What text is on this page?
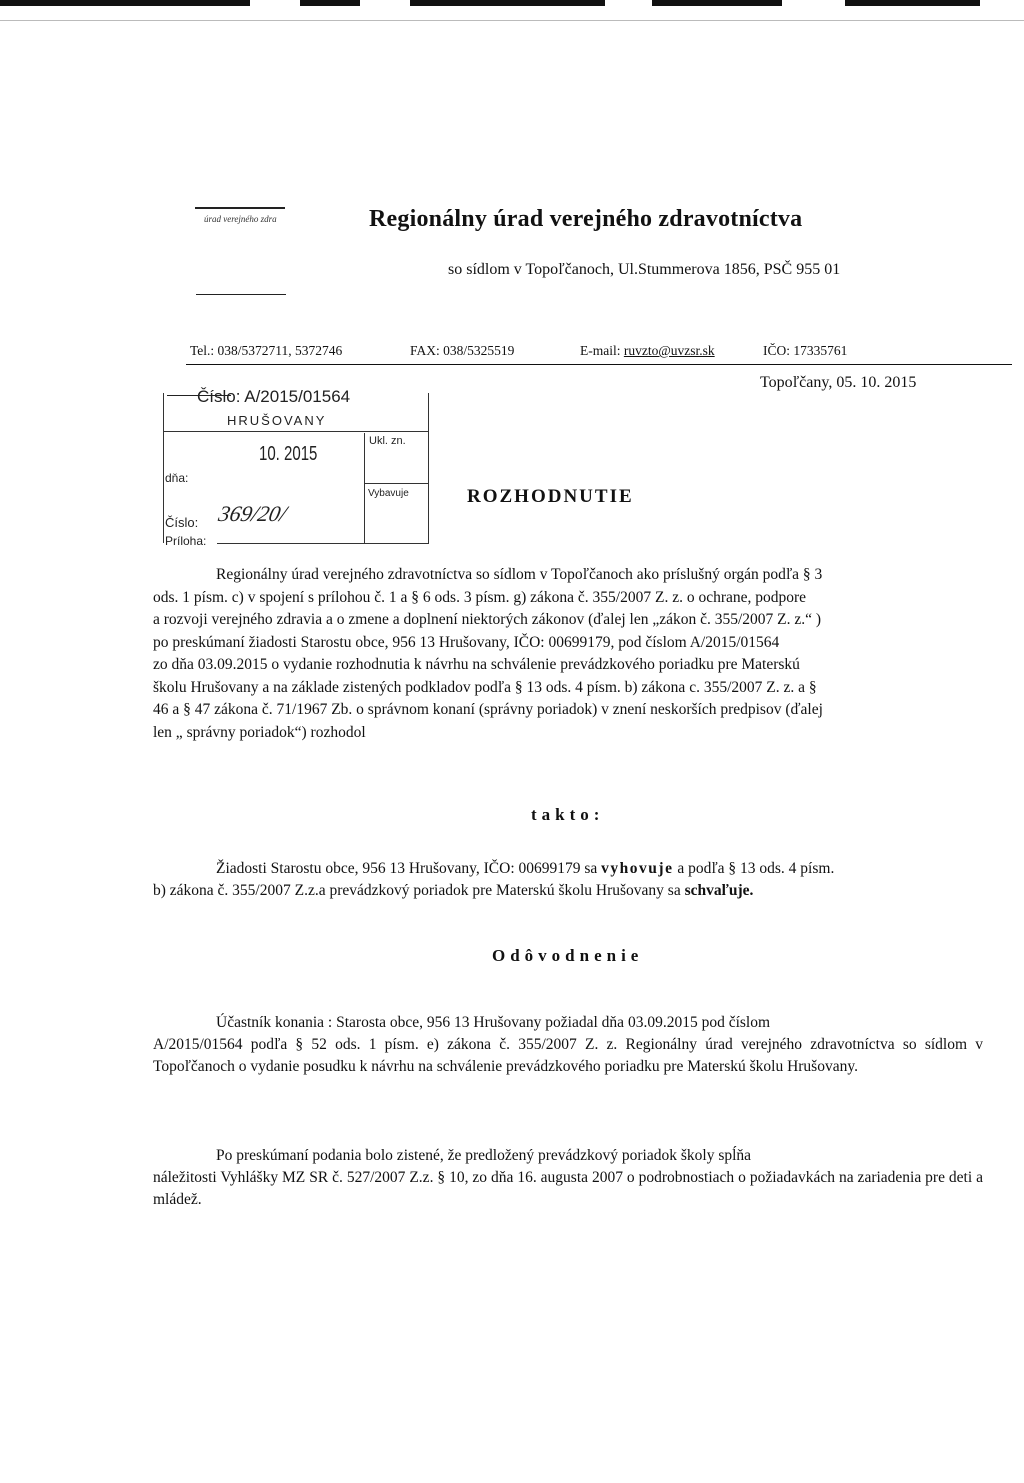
úrad verejného zdra	Regionálny úrad verejného zdravotníctva
so sídlom v Topoľčanoch, Ul.Stummerova 1856, PSČ 955 01
Tel.: 038/5372711, 5372746	FAX: 038/5325519	E-mail: ruvzto@uvzsr.sk	IČO: 17335761
Číslo: A/2015/01564
HRUŠOVANY
10. 2015
Ukl. zn.
dňa:
Vybavuje
Číslo: 369/20/
Príloha:
Topoľčany, 05. 10. 2015
ROZHODNUTIE
Regionálny úrad verejného zdravotníctva so sídlom v Topoľčanoch ako príslušný orgán podľa § 3
ods. 1 písm. c) v spojení s prílohou č. 1 a § 6 ods. 3 písm. g) zákona č. 355/2007 Z. z. o ochrane, podpore
a rozvoji verejného zdravia a o zmene a doplnení niektorých zákonov (ďalej len „zákon č. 355/2007 Z. z.“ )
po preskúmaní žiadosti Starostu obce, 956 13 Hrušovany, IČO: 00699179, pod číslom A/2015/01564
zo dňa 03.09.2015 o vydanie rozhodnutia k návrhu na schválenie prevádzkového poriadku pre Materskú
školu Hrušovany a na základe zistených podkladov podľa § 13 ods. 4 písm. b) zákona c. 355/2007 Z. z. a §
46 a § 47 zákona č. 71/1967 Zb. o správnom konaní (správny poriadok) v znení neskorších predpisov (ďalej
len „ správny poriadok“) rozhodol
takto:
Žiadosti Starostu obce, 956 13 Hrušovany, IČO: 00699179 sa vyhovuje a podľa § 13 ods. 4 písm.
b) zákona č. 355/2007 Z.z.a prevádzkový poriadok pre Materskú školu Hrušovany sa schvaľuje.
Odôvodnenie
Účastník konania : Starosta obce, 956 13 Hrušovany požiadal dňa 03.09.2015 pod číslom
A/2015/01564 podľa § 52 ods. 1 písm. e) zákona č. 355/2007 Z. z. Regionálny úrad verejného zdravotníctva so sídlom v Topoľčanoch o vydanie posudku k návrhu na schválenie prevádzkového poriadku pre Materskú školu Hrušovany.
Po preskúmaní podania bolo zistené, že predložený prevádzkový poriadok školy spĺňa
náležitosti Vyhlášky MZ SR č. 527/2007 Z.z. § 10, zo dňa 16. augusta 2007 o podrobnostiach o požiadavkách na zariadenia pre deti a mládež.
